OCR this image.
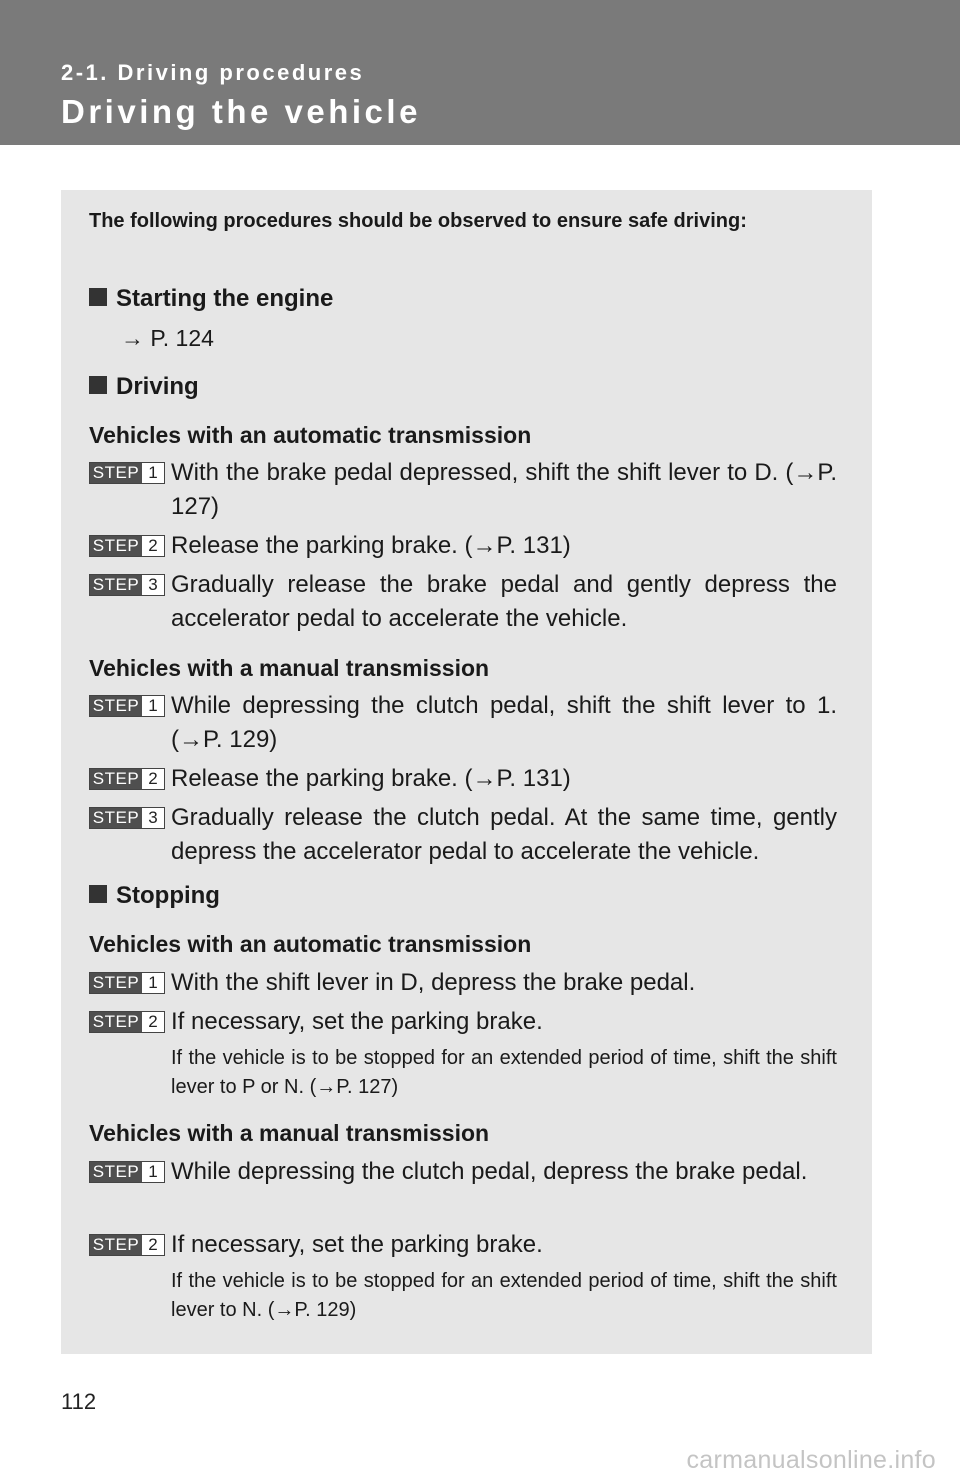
2-1. Driving procedures
Driving the vehicle
The following procedures should be observed to ensure safe driving:
Starting the engine
→ P. 124
Driving
Vehicles with an automatic transmission
STEP 1 With the brake pedal depressed, shift the shift lever to D. (→P. 127)
STEP 2 Release the parking brake. (→P. 131)
STEP 3 Gradually release the brake pedal and gently depress the accelerator pedal to accelerate the vehicle.
Vehicles with a manual transmission
STEP 1 While depressing the clutch pedal, shift the shift lever to 1. (→P. 129)
STEP 2 Release the parking brake. (→P. 131)
STEP 3 Gradually release the clutch pedal. At the same time, gently depress the accelerator pedal to accelerate the vehicle.
Stopping
Vehicles with an automatic transmission
STEP 1 With the shift lever in D, depress the brake pedal.
STEP 2 If necessary, set the parking brake.
If the vehicle is to be stopped for an extended period of time, shift the shift lever to P or N. (→P. 127)
Vehicles with a manual transmission
STEP 1 While depressing the clutch pedal, depress the brake pedal.
STEP 2 If necessary, set the parking brake.
If the vehicle is to be stopped for an extended period of time, shift the shift lever to N. (→P. 129)
112
carmanualsonline.info
